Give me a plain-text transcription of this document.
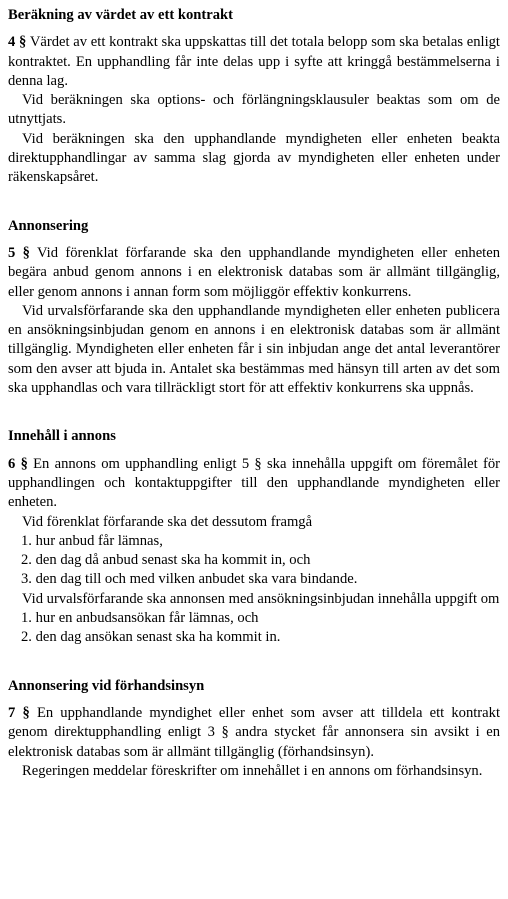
Beräkning av värdet av ett kontrakt

4 § Värdet av ett kontrakt ska uppskattas till det totala belopp som ska betalas enligt kontraktet. En upphandling får inte delas upp i syfte att kringgå bestämmelserna i denna lag.

Vid beräkningen ska options- och förlängningsklausuler beaktas som om de utnyttjats.

Vid beräkningen ska den upphandlande myndigheten eller enheten beakta direktupphandlingar av samma slag gjorda av myndigheten eller enheten under räkenskapsåret.

Annonsering

5 § Vid förenklat förfarande ska den upphandlande myndigheten eller enheten begära anbud genom annons i en elektronisk databas som är allmänt tillgänglig, eller genom annons i annan form som möjliggör effektiv konkurrens.

Vid urvalsförfarande ska den upphandlande myndigheten eller enheten publicera en ansökningsinbjudan genom en annons i en elektronisk databas som är allmänt tillgänglig. Myndigheten eller enheten får i sin inbjudan ange det antal leverantörer som den avser att bjuda in. Antalet ska bestämmas med hänsyn till arten av det som ska upphandlas och vara tillräckligt stort för att effektiv konkurrens ska uppnås.

Innehåll i annons

6 § En annons om upphandling enligt 5 § ska innehålla uppgift om föremålet för upphandlingen och kontaktuppgifter till den upphandlande myndigheten eller enheten.

Vid förenklat förfarande ska det dessutom framgå

1. hur anbud får lämnas,
2. den dag då anbud senast ska ha kommit in, och
3. den dag till och med vilken anbudet ska vara bindande.

Vid urvalsförfarande ska annonsen med ansökningsinbjudan innehålla uppgift om

1. hur en anbudsansökan får lämnas, och
2. den dag ansökan senast ska ha kommit in.
Annonsering vid förhandsinsyn

7 § En upphandlande myndighet eller enhet som avser att tilldela ett kontrakt genom direktupphandling enligt 3 § andra stycket får annonsera sin avsikt i en elektronisk databas som är allmänt tillgänglig (förhandsinsyn).

Regeringen meddelar föreskrifter om innehållet i en annons om förhandsinsyn.
